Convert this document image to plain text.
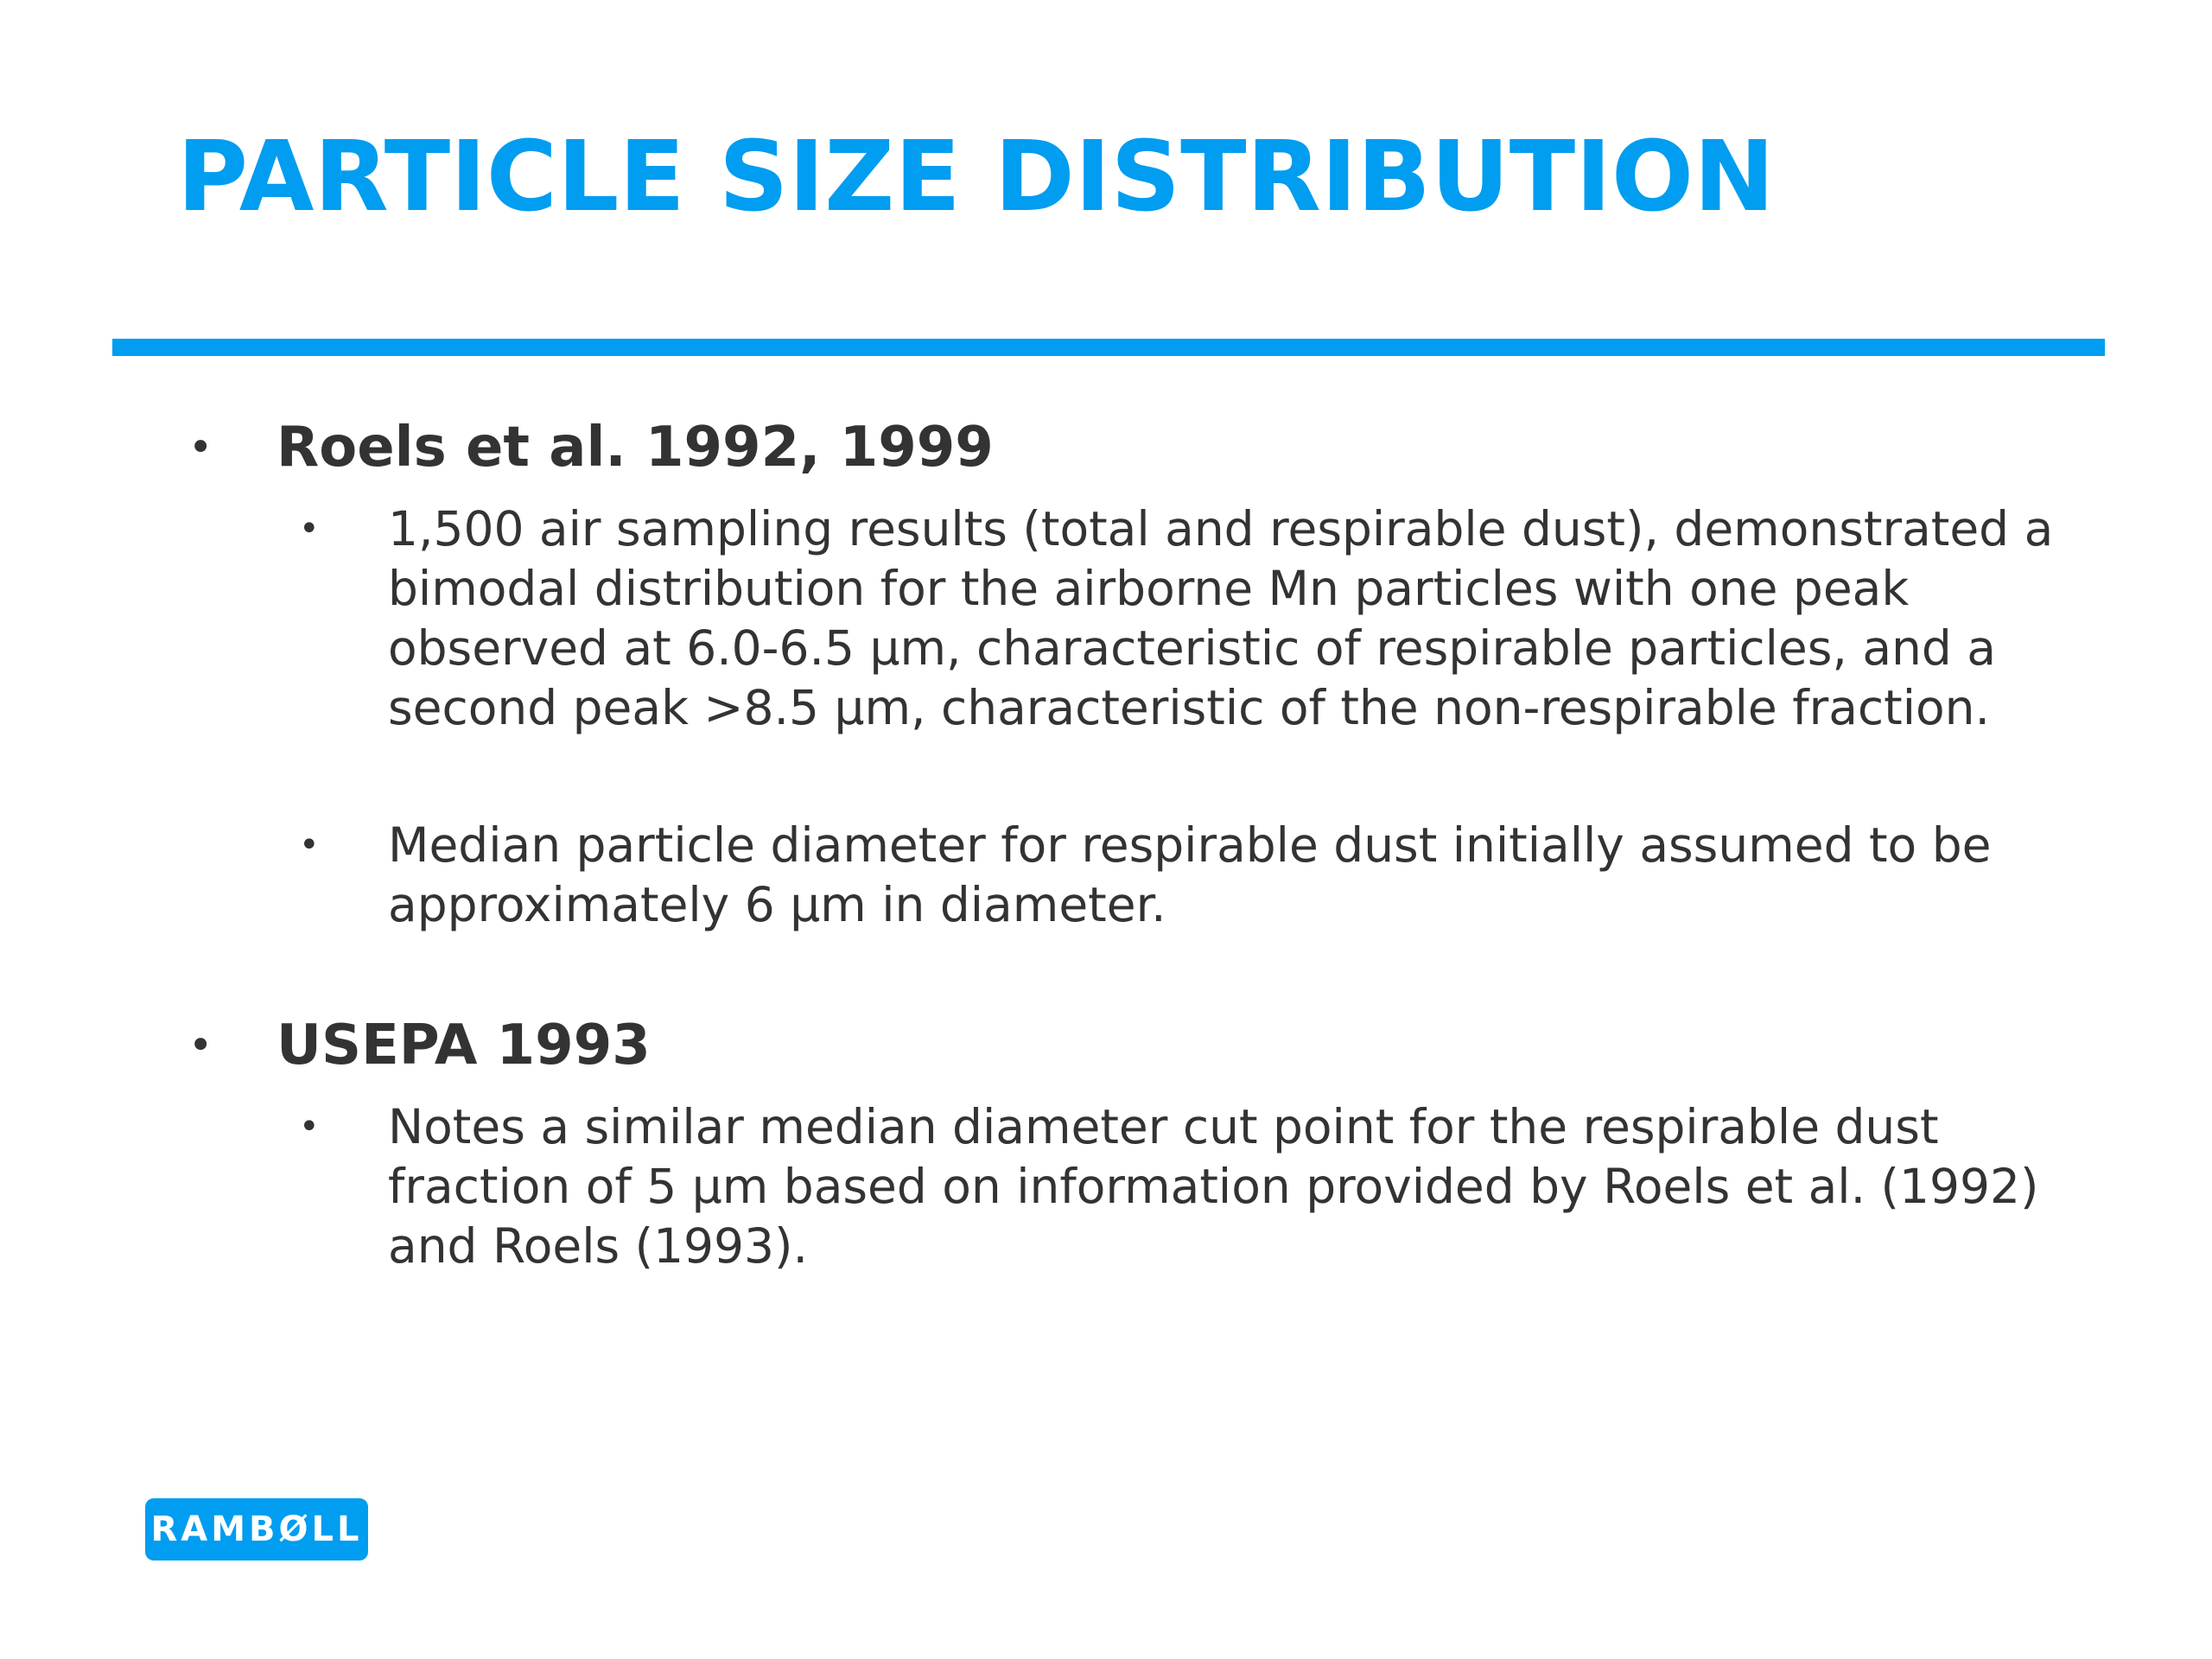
PARTICLE SIZE DISTRIBUTION
• Roels et al. 1992, 1999
• 1,500 air sampling results (total and respirable dust), demonstrated a bimodal distribution for the airborne Mn particles with one peak observed at 6.0-6.5 µm, characteristic of respirable particles, and a second peak >8.5 µm, characteristic of the non-respirable fraction.
• Median particle diameter for respirable dust initially assumed to be approximately 6 µm in diameter.
• USEPA 1993
• Notes a similar median diameter cut point for the respirable dust fraction of 5 µm based on information provided by Roels et al. (1992) and Roels (1993).
RAMBØLL
